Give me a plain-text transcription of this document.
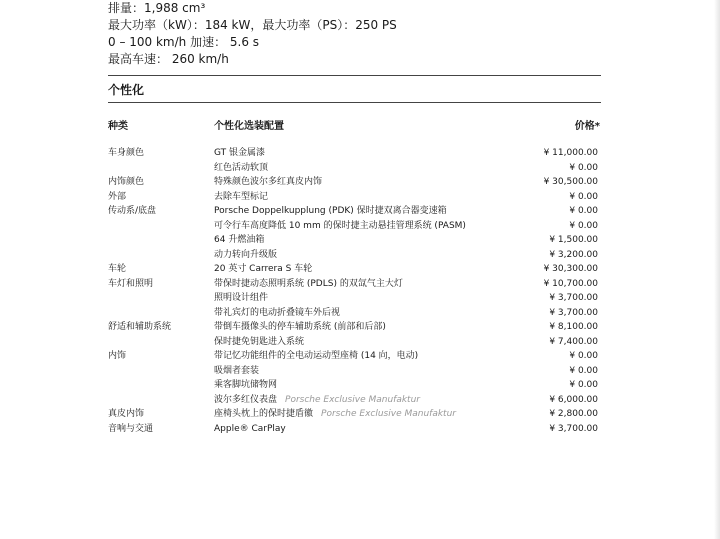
排量：1,988 cm³
最大功率（kW）：184 kW，最大功率（PS）：250 PS
0 – 100 km/h 加速： 5.6 s
最高车速： 260 km/h
个性化
种类	个性化选装配置	价格*
车身颜色	GT 银金属漆	¥ 11,000.00
红色活动软顶	¥ 0.00
内饰颜色	特殊颜色波尔多红真皮内饰	¥ 30,500.00
外部	去除车型标记	¥ 0.00
传动系/底盘	Porsche Doppelkupplung (PDK) 保时捷双离合器变速箱	¥ 0.00
可令行车高度降低 10 mm 的保时捷主动悬挂管理系统 (PASM)	¥ 0.00
64 升燃油箱	¥ 1,500.00
动力转向升级版	¥ 3,200.00
车轮	20 英寸 Carrera S 车轮	¥ 30,300.00
车灯和照明	带保时捷动态照明系统 (PDLS) 的双氙气主大灯	¥ 10,700.00
照明设计组件	¥ 3,700.00
带礼宾灯的电动折叠镜车外后视	¥ 3,700.00
舒适和辅助系统	带倒车摄像头的停车辅助系统 (前部和后部)	¥ 8,100.00
保时捷免钥匙进入系统	¥ 7,400.00
内饰	带记忆功能组件的全电动运动型座椅 (14 向，电动)	¥ 0.00
吸烟者套装	¥ 0.00
乘客脚坑储物网	¥ 0.00
波尔多红仪表盘 Porsche Exclusive Manufaktur	¥ 6,000.00
真皮内饰	座椅头枕上的保时捷盾徽 Porsche Exclusive Manufaktur	¥ 2,800.00
音响与交通	Apple® CarPlay	¥ 3,700.00
